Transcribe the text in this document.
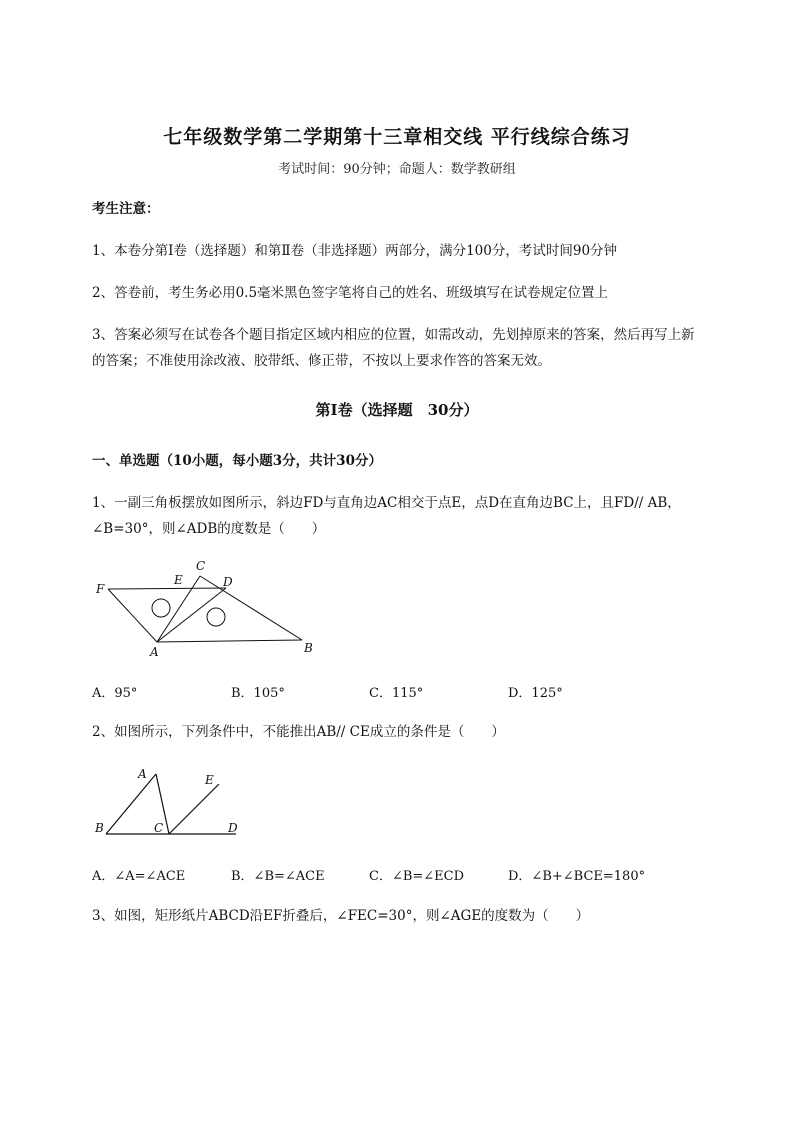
七年级数学第二学期第十三章相交线 平行线综合练习
考试时间：90分钟；命题人：数学教研组
考生注意：
1、本卷分第I卷（选择题）和第Ⅱ卷（非选择题）两部分，满分100分，考试时间90分钟
2、答卷前，考生务必用0.5毫米黑色签字笔将自己的姓名、班级填写在试卷规定位置上
3、答案必须写在试卷各个题目指定区域内相应的位置，如需改动，先划掉原来的答案，然后再写上新
的答案；不准使用涂改液、胶带纸、修正带，不按以上要求作答的答案无效。
第I卷（选择题　30分）
一、单选题（10小题，每小题3分，共计30分）
1、一副三角板摆放如图所示，斜边FD与直角边AC相交于点E，点D在直角边BC上，且FD// AB，
∠B=30°，则∠ADB的度数是（　　）
F
E
C
D
A	B
A．95°	B．105°	C．115°	D．125°
2、如图所示，下列条件中，不能推出AB// CE成立的条件是（　　）
A	E
B	C	D
A．∠A=∠ACE	B．∠B=∠ACE	C．∠B=∠ECD	D．∠B+∠BCE=180°
3、如图，矩形纸片ABCD沿EF折叠后，∠FEC=30°，则∠AGE的度数为（　　）
